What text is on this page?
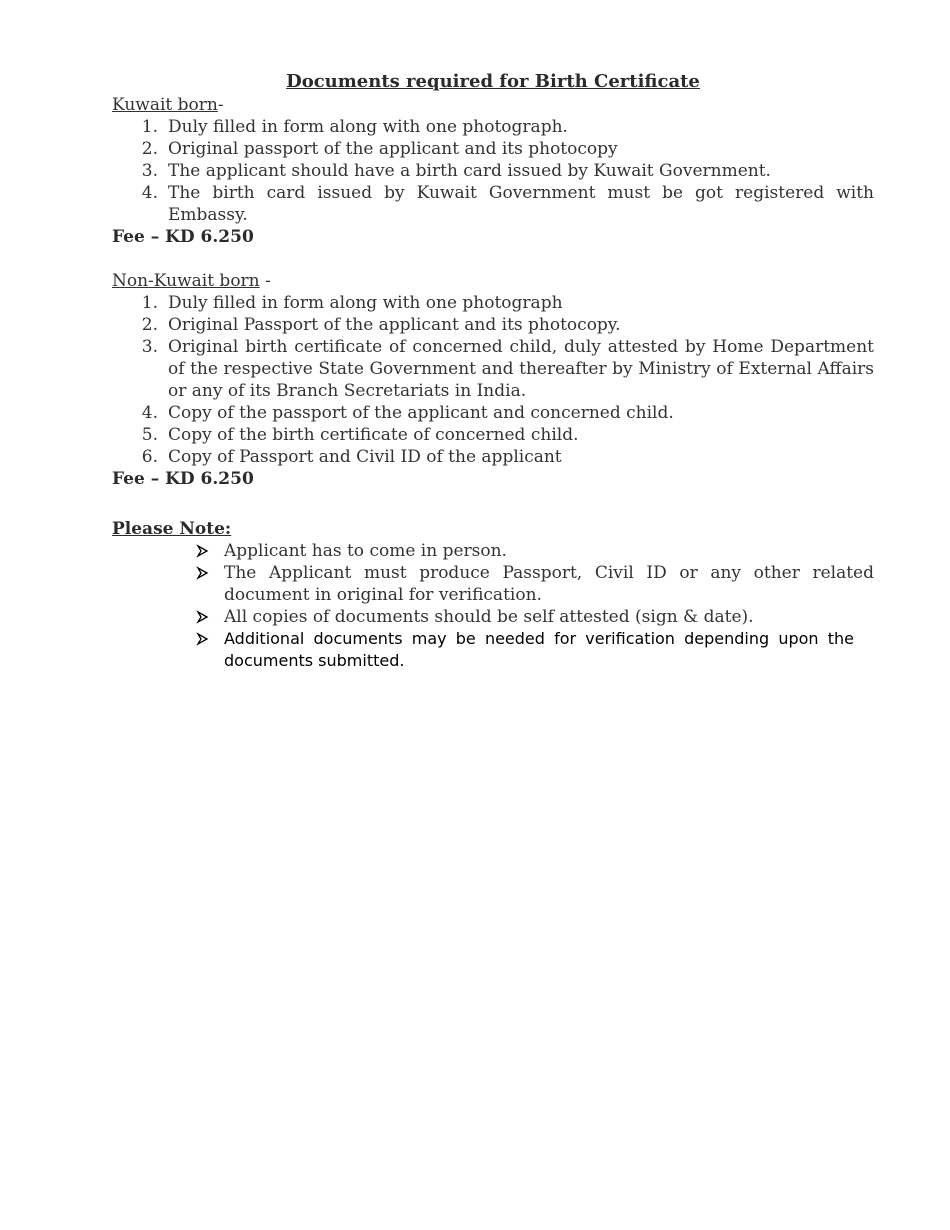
Documents required for Birth Certificate

Kuwait born-

1. Duly filled in form along with one photograph.
2. Original passport of the applicant and its photocopy
3. The applicant should have a birth card issued by Kuwait Government.
4. The birth card issued by Kuwait Government must be got registered with Embassy.

Fee – KD 6.250

Non-Kuwait born -

1. Duly filled in form along with one photograph
2. Original Passport of the applicant and its photocopy.
3. Original birth certificate of concerned child, duly attested by Home Department of the respective State Government and thereafter by Ministry of External Affairs or any of its Branch Secretariats in India.
4. Copy of the passport of the applicant and concerned child.
5. Copy of the birth certificate of concerned child.
6. Copy of Passport and Civil ID of the applicant

Fee – KD 6.250

Please Note:

Applicant has to come in person.
The Applicant must produce Passport, Civil ID or any other related document in original for verification.
All copies of documents should be self attested (sign & date).
Additional documents may be needed for verification depending upon the documents submitted.
